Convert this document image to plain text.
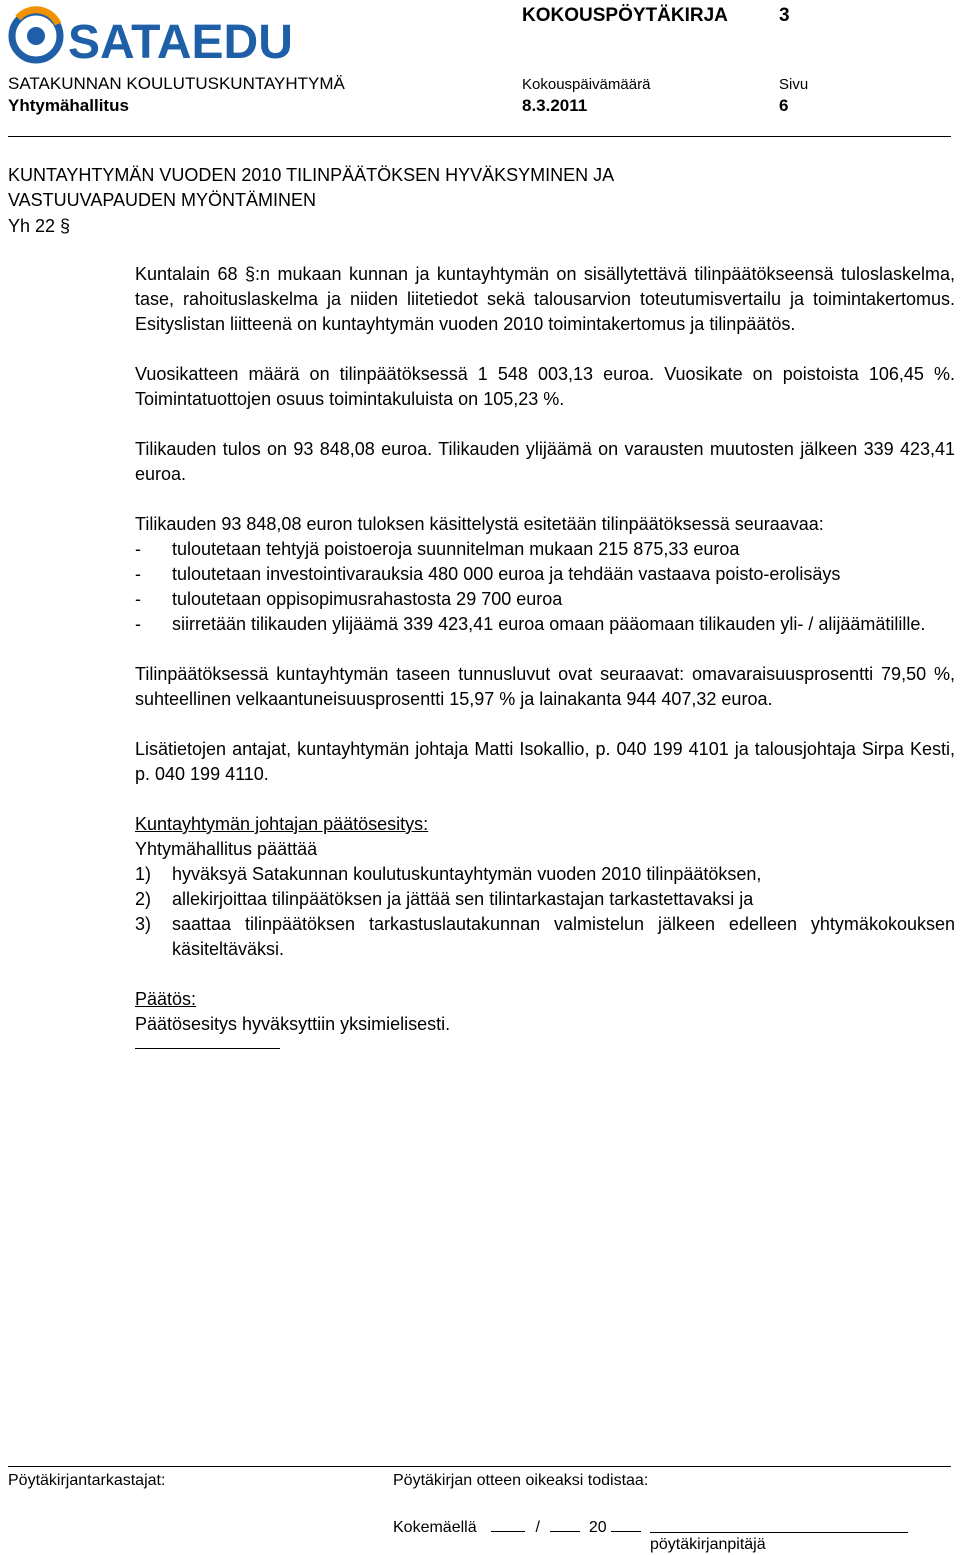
SATAEDU
KOKOUSPÖYTÄKIRJA	3
SATAKUNNAN KOULUTUSKUNTAYHTYMÄ	Kokouspäivämäärä	Sivu
Yhtymähallitus	8.3.2011	6
KUNTAYHTYMÄN VUODEN 2010 TILINPÄÄTÖKSEN HYVÄKSYMINEN JA
VASTUUVAPAUDEN MYÖNTÄMINEN
Yh 22 §

Kuntalain 68 §:n mukaan kunnan ja kuntayhtymän on sisällytettävä tilinpäätökseensä tuloslaskelma, tase, rahoituslaskelma ja niiden liitetiedot sekä talousarvion toteutumisvertailu ja toimintakertomus. Esityslistan liitteenä on kuntayhtymän vuoden 2010 toimintakertomus ja tilinpäätös.

Vuosikatteen määrä on tilinpäätöksessä 1 548 003,13 euroa. Vuosikate on poistoista 106,45 %. Toimintatuottojen osuus toimintakuluista on 105,23 %.

Tilikauden tulos on 93 848,08 euroa. Tilikauden ylijäämä on varausten muutosten jälkeen 339 423,41 euroa.

Tilikauden 93 848,08 euron tuloksen käsittelystä esitetään tilinpäätöksessä seuraavaa:

- tuloutetaan tehtyjä poistoeroja suunnitelman mukaan 215 875,33 euroa
- tuloutetaan investointivarauksia 480 000 euroa ja tehdään vastaava poisto-erolisäys
- tuloutetaan oppisopimusrahastosta 29 700 euroa
- siirretään tilikauden ylijäämä 339 423,41 euroa omaan pääomaan tilikauden yli- / alijäämätilille.

Tilinpäätöksessä kuntayhtymän taseen tunnusluvut ovat seuraavat: omavaraisuusprosentti 79,50 %, suhteellinen velkaantuneisuusprosentti 15,97 % ja lainakanta 944 407,32 euroa.

Lisätietojen antajat, kuntayhtymän johtaja Matti Isokallio, p. 040 199 4101 ja talousjohtaja Sirpa Kesti, p. 040 199 4110.

Kuntayhtymän johtajan päätösesitys:
Yhtymähallitus päättää
1) hyväksyä Satakunnan koulutuskuntayhtymän vuoden 2010 tilinpäätöksen,
2) allekirjoittaa tilinpäätöksen ja jättää sen tilintarkastajan tarkastettavaksi ja
3) saattaa tilinpäätöksen tarkastuslautakunnan valmistelun jälkeen edelleen yhtymäkokouksen käsiteltäväksi.
Päätös:
Päätösesitys hyväksyttiin yksimielisesti.
Pöytäkirjantarkastajat:	Pöytäkirjan otteen oikeaksi todistaa:
Kokemäellä	/	20
pöytäkirjanpitäjä
